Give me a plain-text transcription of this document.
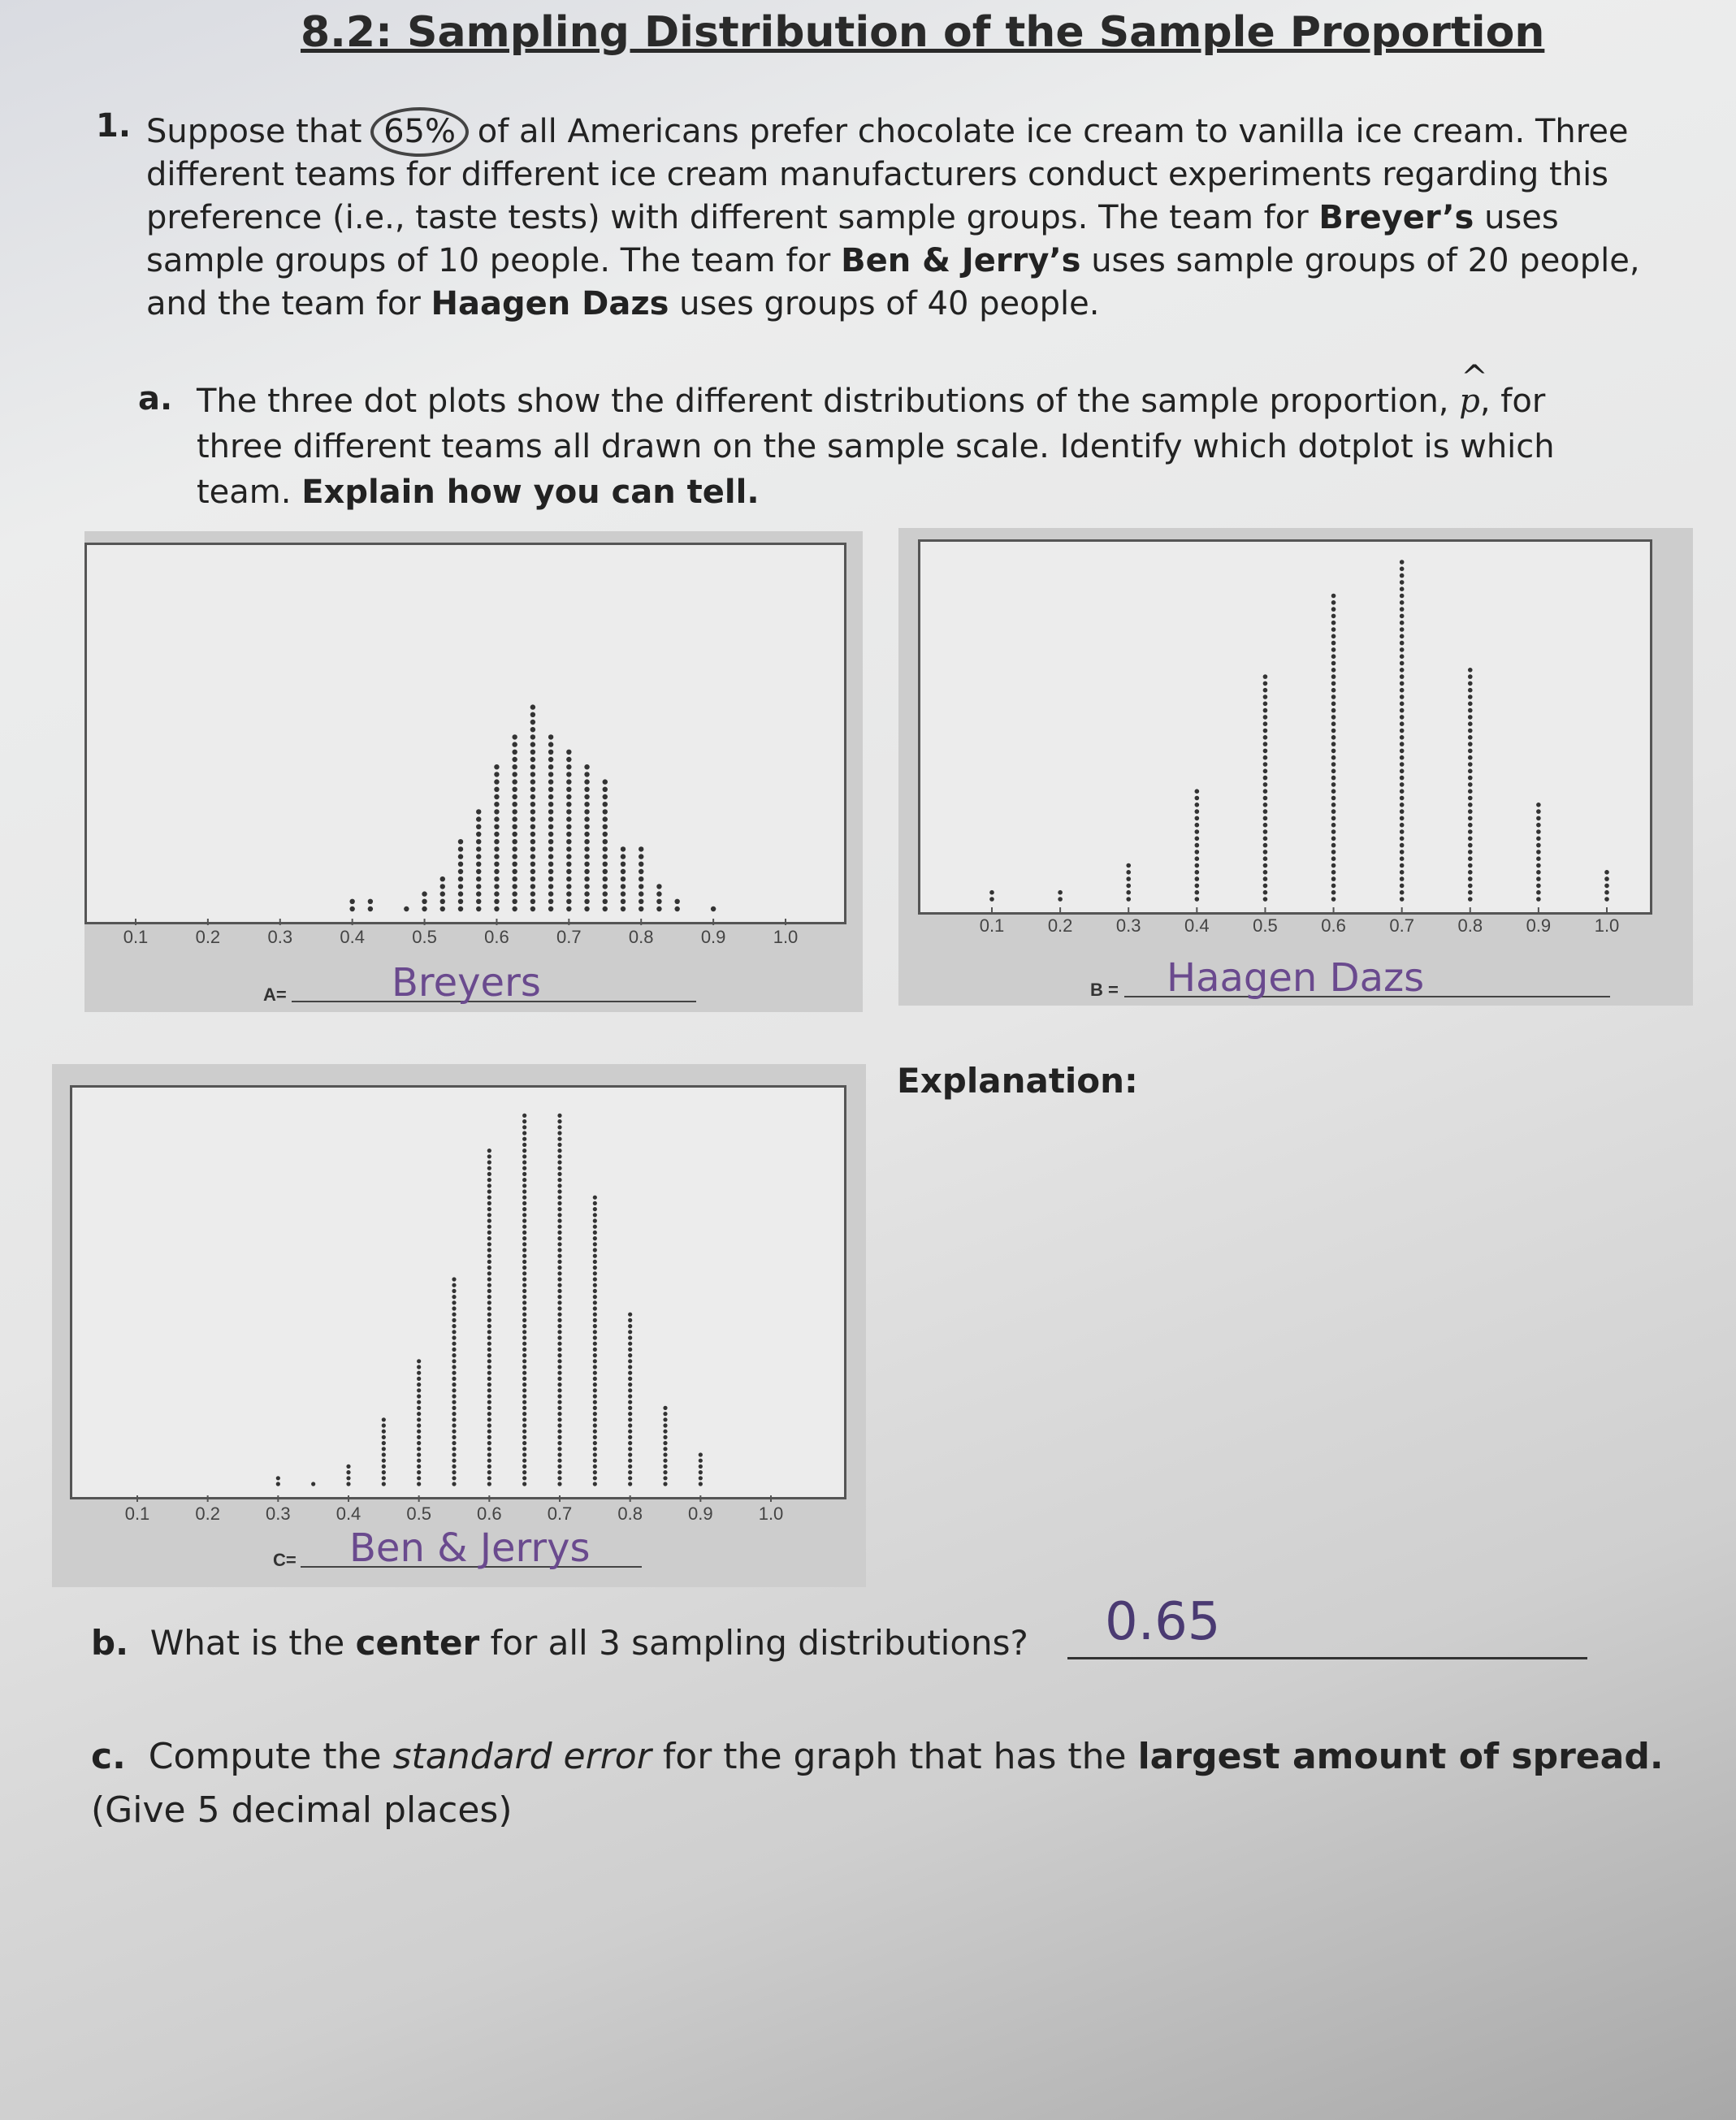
8.2: Sampling Distribution of the Sample Proportion
1. Suppose that 65% of all Americans prefer chocolate ice cream to vanilla ice cream. Three different teams for different ice cream manufacturers conduct experiments regarding this preference (i.e., taste tests) with different sample groups. The team for Breyer’s uses sample groups of 10 people. The team for Ben & Jerry’s uses sample groups of 20 people, and the team for Haagen Dazs uses groups of 40 people.
a. The three dot plots show the different distributions of the sample proportion, ^ p, for three different teams all drawn on the sample scale. Identify which dotplot is which team. Explain how you can tell.
0.1	0.2	0.3	0.4	0.5	0.6	0.7	0.8	0.9	1.0
A=	Breyers
0.1 0.2 0.3 0.4 0.5 0.6 0.7 0.8 0.9 1.0
B = Haagen Dazs
0.1	0.2	0.3	0.4	0.5	0.6	0.7	0.8	0.9	1.0
C= Ben & Jerrys
Explanation:
b. What is the center for all 3 sampling distributions? 0.65
c. Compute the standard error for the graph that has the largest amount of spread. (Give 5 decimal places)
